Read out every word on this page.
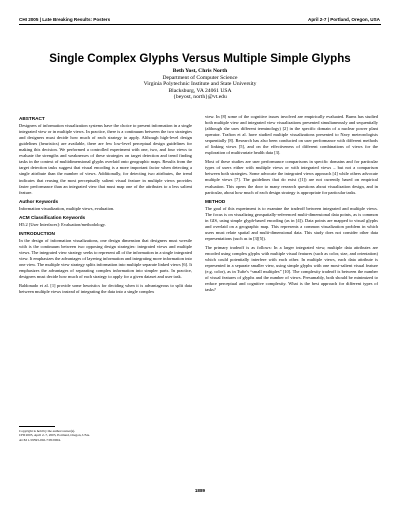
CHI 2005 | Late Breaking Results: Posters	April 2-7 | Portland, Oregon, USA
Single Complex Glyphs Versus Multiple Simple Glyphs
Beth Yost, Chris North
Department of Computer Science
Virginia Polytechnic Institute and State University
Blacksburg, VA 24061 USA
{beyost, north}@vt.edu
ABSTRACT

Designers of information visualization systems have the choice to present information in a single integrated view or in multiple views. In practice, there is a continuum between the two strategies and designers must decide how much of each strategy to apply. Although high-level design guidelines (heuristics) are available, there are few low-level perceptual design guidelines for making this decision. We performed a controlled experiment with one, two, and four views to evaluate the strengths and weaknesses of these strategies on target detection and trend finding tasks in the context of multidimensional glyphs overlaid onto geographic maps. Results from the target detection tasks suggest that visual encoding is a more important factor when detecting a single attribute than the number of views. Additionally, for detecting two attributes, the trend indicates that reusing the most perceptually salient visual feature in multiple views provides faster performance than an integrated view that must map one of the attributes to a less salient feature.

Author Keywords

Information visualization, multiple views, evaluation.

ACM Classification Keywords

H5.2 [User Interfaces]: Evaluation/methodology.

INTRODUCTION

In the design of information visualizations, one design dimension that designers must wrestle with is the continuum between two opposing design strategies: integrated views and multiple views. The integrated view strategy seeks to represent all of the information in a single integrated view. It emphasizes the advantages of layering information and integrating more information into one view. The multiple view strategy splits information into multiple separate linked views [6]. It emphasizes the advantages of separating complex information into simpler parts. In practice, designers must decide how much of each strategy to apply for a given dataset and user task.

Baldonado et al. [1] provide some heuristics for deciding when it is advantageous to split data between multiple views instead of integrating the data into a single complex

view. In [8] some of the cognitive issues involved are empirically evaluated. Burns has studied both multiple view and integrated view visualizations presented simultaneously and sequentially (although she uses different terminology) [2] in the specific domain of a nuclear power plant operator. Trafton et al. have studied multiple visualizations presented to Navy meteorologists sequentially [8]. Research has also been conducted on user performance with different methods of linking views [5], and on the effectiveness of different combinations of views for the exploration of multivariate health data [3].

Most of these studies are user performance comparisons in specific domains and for particular types of users either with multiple views or with integrated views – but not a comparison between both strategies. Some advocate the integrated views approach [4] while others advocate multiple views [7]. The guidelines that do exist ([1]) are not currently based on empirical evaluation. This opens the door to many research questions about visualization design, and in particular, about how much of each design strategy is appropriate for particular tasks.

METHOD

The goal of this experiment is to examine the tradeoff between integrated and multiple views. The focus is on visualizing geospatially-referenced multi-dimensional data points, as is common in GIS, using simple glyph-based encoding (as in [4]). Data points are mapped to visual glyphs and overlaid on a geographic map. This represents a common visualization problem in which users must relate spatial and multi-dimensional data. This study does not consider other data representations (such as in [3][5]).

The primary tradeoff is as follows: In a larger integrated view, multiple data attributes are encoded using complex glyphs with multiple visual features (such as color, size, and orientation) which could potentially interfere with each other. In multiple views, each data attribute is represented in a separate smaller view, using simple glyphs with one most-salient visual feature (e.g. color), as in Tufte's “small multiples” [10]. The complexity tradeoff is between the number of visual features of glyphs and the number of views. Presumably, both should be minimized to reduce perceptual and cognitive complexity. What is the best approach for different types of tasks?

Copyright is held by the author/owner(s).
CHI 2005, April 2–7, 2005, Portland, Oregon, USA.
ACM 1-59593-002-7/05/0004.
1889
